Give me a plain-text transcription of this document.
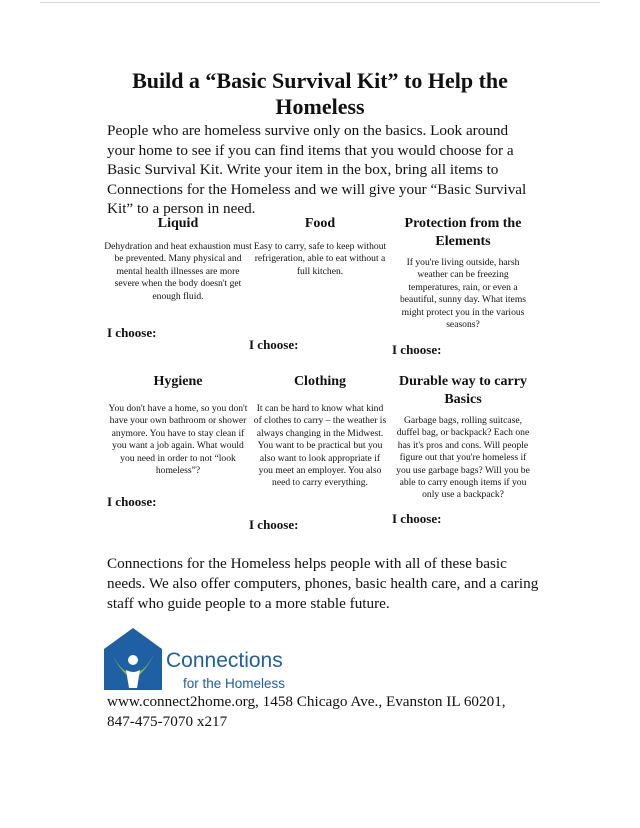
Build a “Basic Survival Kit” to Help the Homeless
People who are homeless survive only on the basics. Look around your home to see if you can find items that you would choose for a Basic Survival Kit. Write your item in the box, bring all items to Connections for the Homeless and we will give your “Basic Survival Kit” to a person in need.
Liquid
Dehydration and heat exhaustion must be prevented. Many physical and mental health illnesses are more severe when the body doesn't get enough fluid.
I choose:
Food
Easy to carry, safe to keep without refrigeration, able to eat without a full kitchen.
I choose:
Protection from the Elements
If you're living outside, harsh weather can be freezing temperatures, rain, or even a beautiful, sunny day. What items might protect you in the various seasons?
I choose:
Hygiene
You don't have a home, so you don't have your own bathroom or shower anymore. You have to stay clean if you want a job again. What would you need in order to not “look homeless”?
I choose:
Clothing
It can be hard to know what kind of clothes to carry – the weather is always changing in the Midwest. You want to be practical but you also want to look appropriate if you meet an employer. You also need to carry everything.
I choose:
Durable way to carry Basics
Garbage bags, rolling suitcase, duffel bag, or backpack? Each one has it's pros and cons. Will people figure out that you're homeless if you use garbage bags? Will you be able to carry enough items if you only use a backpack?
I choose:
Connections for the Homeless helps people with all of these basic needs. We also offer computers, phones, basic health care, and a caring staff who guide people to a more stable future.
Connections
for the Homeless
www.connect2home.org, 1458 Chicago Ave., Evanston IL 60201, 847-475-7070 x217
